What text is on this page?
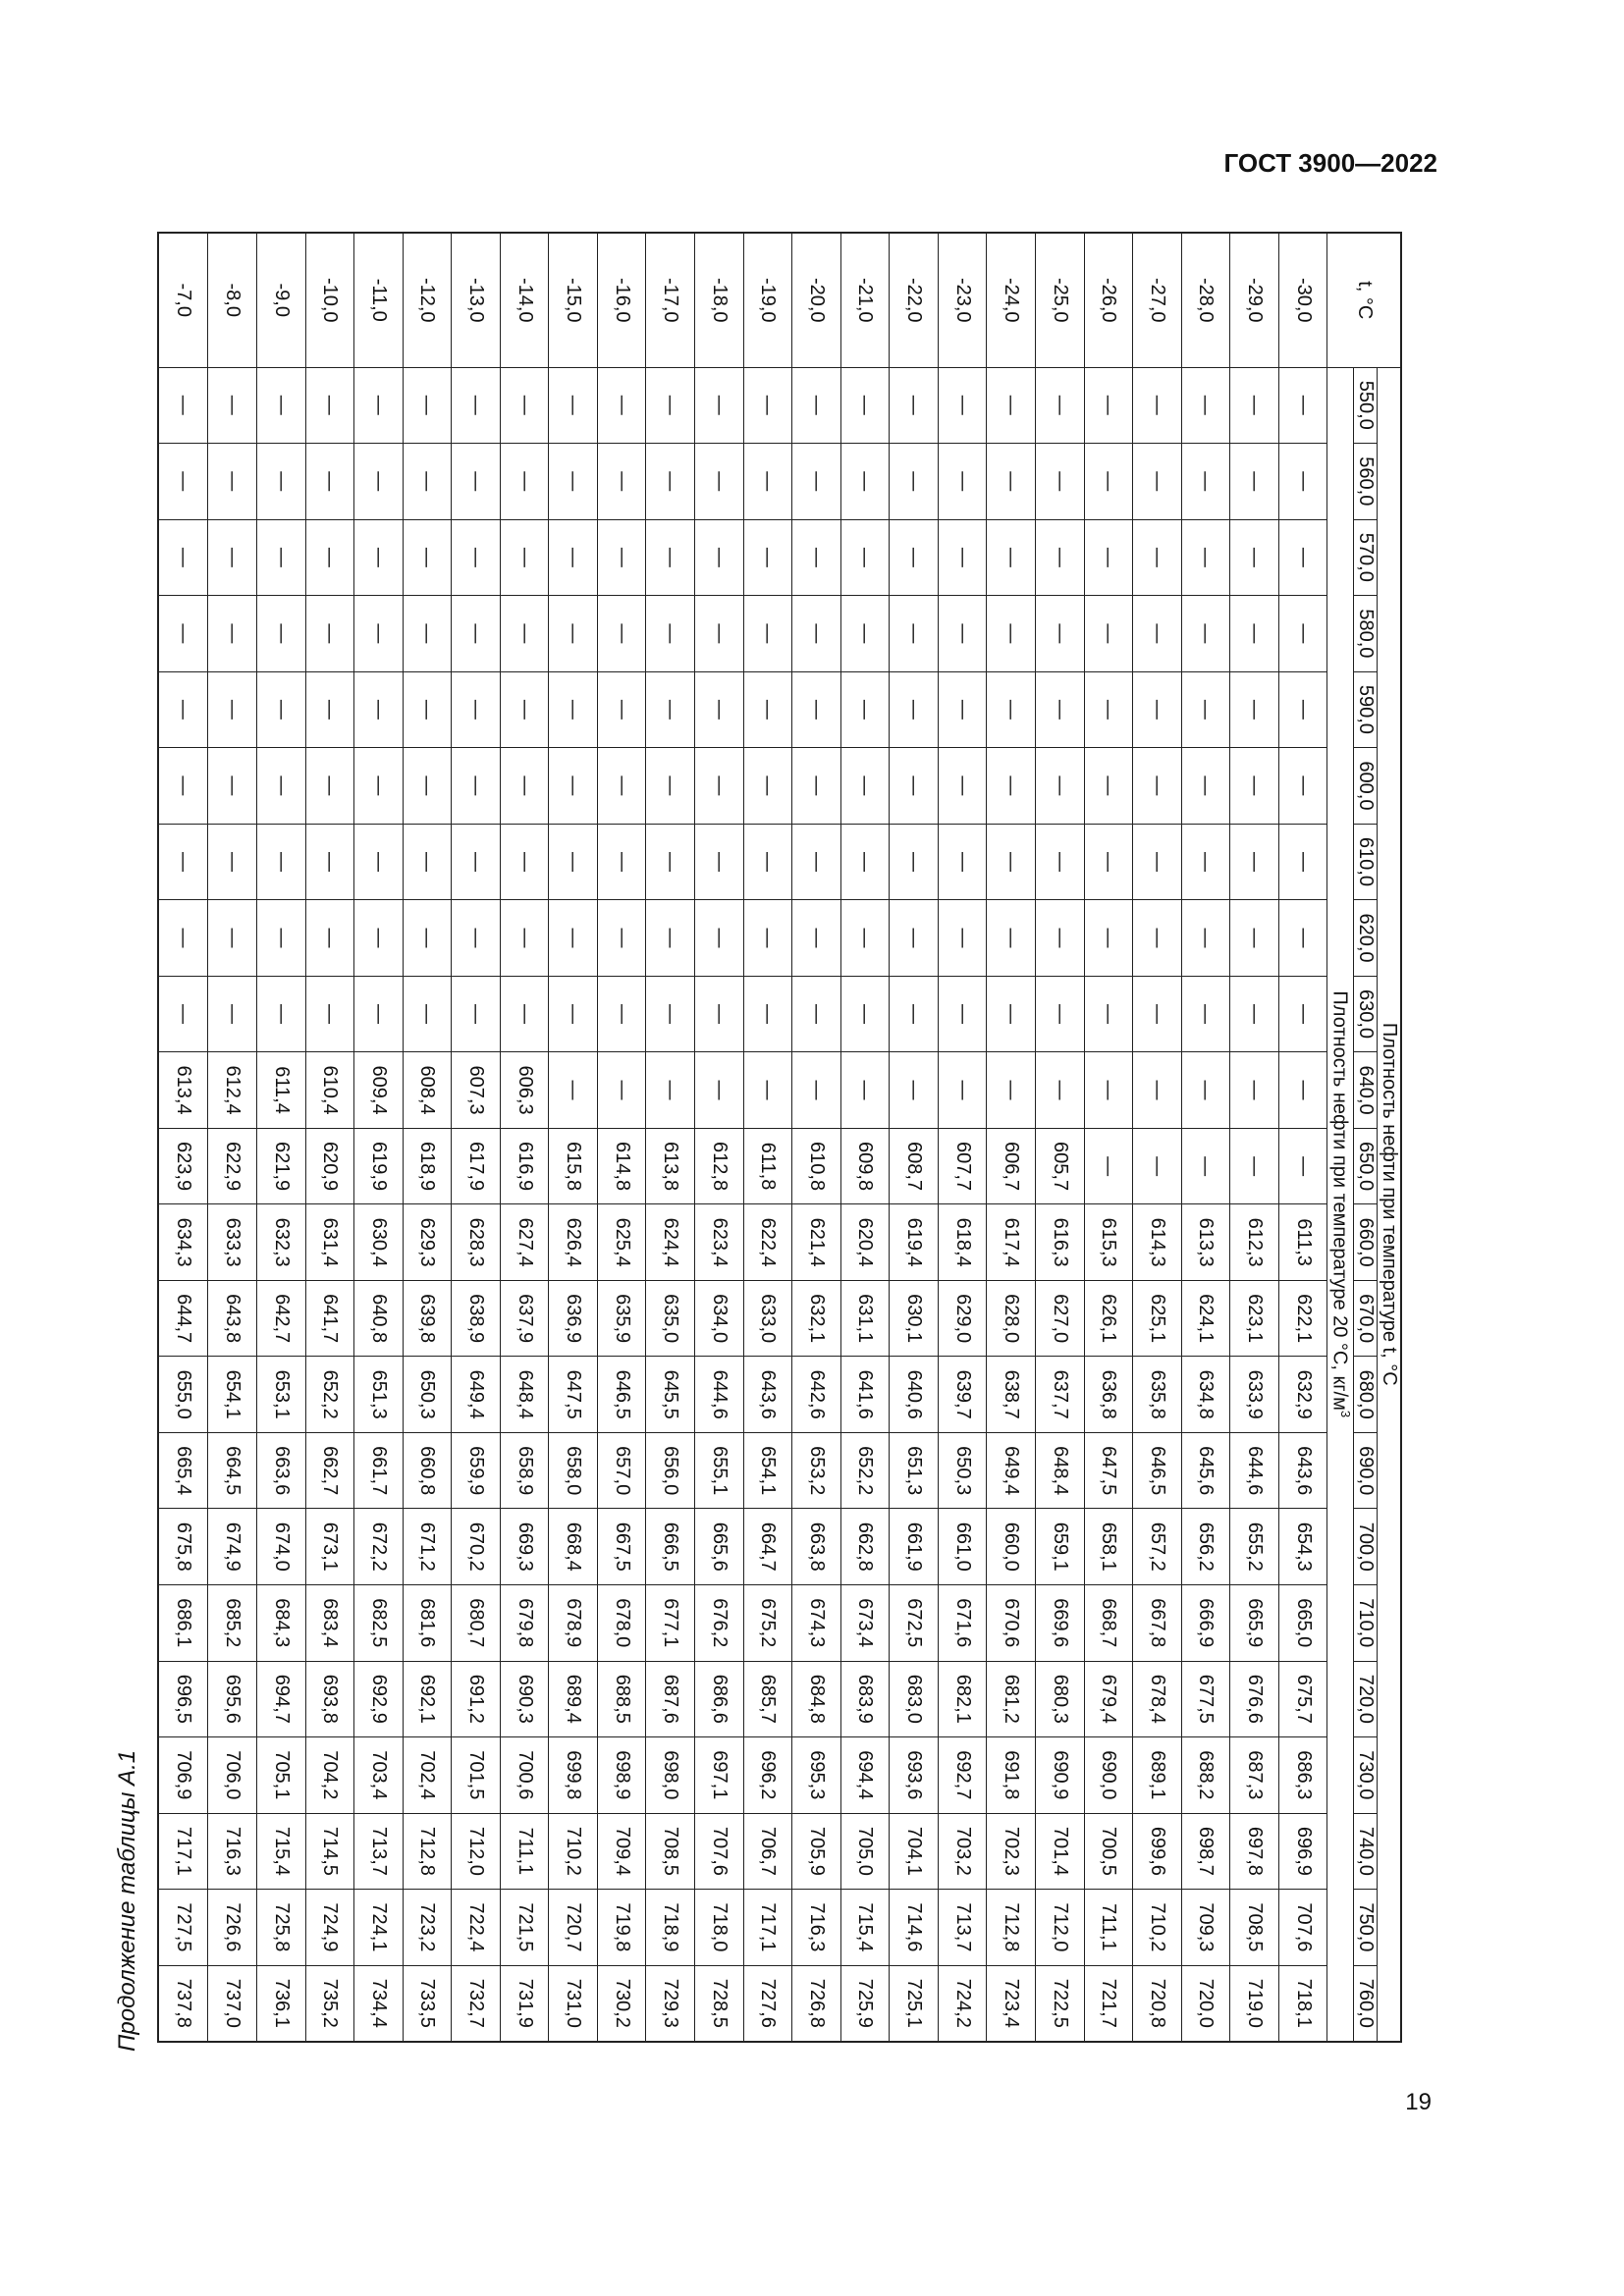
ГОСТ 3900—2022
Продолжение таблицы А.1
t, °C	Плотность нефти при температуре t, °C																					
	550,0	560,0	570,0	580,0	590,0	600,0	610,0	620,0	630,0	640,0	650,0	660,0	670,0	680,0	690,0	700,0	710,0	720,0	730,0	740,0	750,0	760,0
	Плотность нефти при температуре 20 °C, $кг/м^3$
-30,0	—	—	—	—	—	—	—	—	—	—	—	611,3	622,1	632,9	643,6	654,3	665,0	675,7	686,3	696,9	707,6	718,1
-29,0	—	—	—	—	—	—	—	—	—	—	—	612,3	623,1	633,9	644,6	655,2	665,9	676,6	687,3	697,8	708,5	719,0
-28,0	—	—	—	—	—	—	—	—	—	—	—	613,3	624,1	634,8	645,6	656,2	666,9	677,5	688,2	698,7	709,3	720,0
-27,0	—	—	—	—	—	—	—	—	—	—	—	614,3	625,1	635,8	646,5	657,2	667,8	678,4	689,1	699,6	710,2	720,8
-26,0	—	—	—	—	—	—	—	—	—	—	—	615,3	626,1	636,8	647,5	658,1	668,7	679,4	690,0	700,5	711,1	721,7
-25,0	—	—	—	—	—	—	—	—	—	—	605,7	616,3	627,0	637,7	648,4	659,1	669,6	680,3	690,9	701,4	712,0	722,5
-24,0	—	—	—	—	—	—	—	—	—	—	606,7	617,4	628,0	638,7	649,4	660,0	670,6	681,2	691,8	702,3	712,8	723,4
-23,0	—	—	—	—	—	—	—	—	—	—	607,7	618,4	629,0	639,7	650,3	661,0	671,6	682,1	692,7	703,2	713,7	724,2
-22,0	—	—	—	—	—	—	—	—	—	—	608,7	619,4	630,1	640,6	651,3	661,9	672,5	683,0	693,6	704,1	714,6	725,1
-21,0	—	—	—	—	—	—	—	—	—	—	609,8	620,4	631,1	641,6	652,2	662,8	673,4	683,9	694,4	705,0	715,4	725,9
-20,0	—	—	—	—	—	—	—	—	—	—	610,8	621,4	632,1	642,6	653,2	663,8	674,3	684,8	695,3	705,9	716,3	726,8
-19,0	—	—	—	—	—	—	—	—	—	—	611,8	622,4	633,0	643,6	654,1	664,7	675,2	685,7	696,2	706,7	717,1	727,6
-18,0	—	—	—	—	—	—	—	—	—	—	612,8	623,4	634,0	644,6	655,1	665,6	676,2	686,6	697,1	707,6	718,0	728,5
-17,0	—	—	—	—	—	—	—	—	—	—	613,8	624,4	635,0	645,5	656,0	666,5	677,1	687,6	698,0	708,5	718,9	729,3
-16,0	—	—	—	—	—	—	—	—	—	—	614,8	625,4	635,9	646,5	657,0	667,5	678,0	688,5	698,9	709,4	719,8	730,2
-15,0	—	—	—	—	—	—	—	—	—	—	615,8	626,4	636,9	647,5	658,0	668,4	678,9	689,4	699,8	710,2	720,7	731,0
-14,0	—	—	—	—	—	—	—	—	—	606,3	616,9	627,4	637,9	648,4	658,9	669,3	679,8	690,3	700,6	711,1	721,5	731,9
-13,0	—	—	—	—	—	—	—	—	—	607,3	617,9	628,3	638,9	649,4	659,9	670,2	680,7	691,2	701,5	712,0	722,4	732,7
-12,0	—	—	—	—	—	—	—	—	—	608,4	618,9	629,3	639,8	650,3	660,8	671,2	681,6	692,1	702,4	712,8	723,2	733,5
-11,0	—	—	—	—	—	—	—	—	—	609,4	619,9	630,4	640,8	651,3	661,7	672,2	682,5	692,9	703,4	713,7	724,1	734,4
-10,0	—	—	—	—	—	—	—	—	—	610,4	620,9	631,4	641,7	652,2	662,7	673,1	683,4	693,8	704,2	714,5	724,9	735,2
-9,0	—	—	—	—	—	—	—	—	—	611,4	621,9	632,3	642,7	653,1	663,6	674,0	684,3	694,7	705,1	715,4	725,8	736,1
-8,0	—	—	—	—	—	—	—	—	—	612,4	622,9	633,3	643,8	654,1	664,5	674,9	685,2	695,6	706,0	716,3	726,6	737,0
-7,0	—	—	—	—	—	—	—	—	—	613,4	623,9	634,3	644,7	655,0	665,4	675,8	686,1	696,5	706,9	717,1	727,5	737,8
19
